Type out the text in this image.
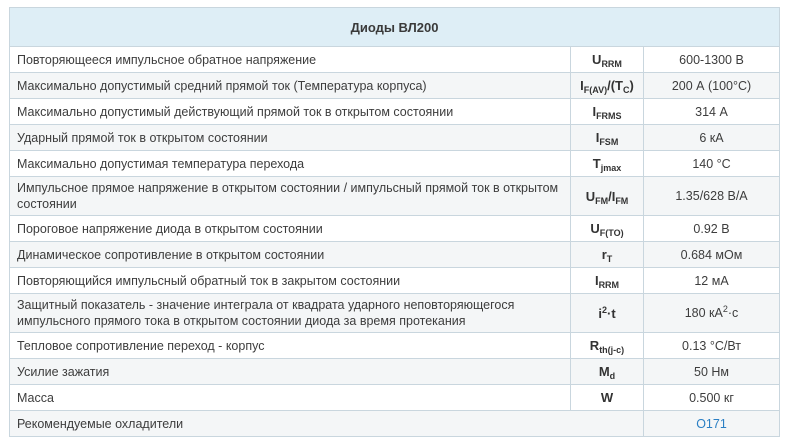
Диоды ВЛ200		
Повторяющееся импульсное обратное напряжение	$U_{RRM}$	600-1300 В
Максимально допустимый средний прямой ток (Температура корпуса)	$I_{F(AV)}/(T_C)$	200 А (100°С)
Максимально допустимый действующий прямой ток в открытом состоянии	$I_{FRMS}$	314 А
Ударный прямой ток в открытом состоянии	$I_{FSM}$	6 кА
Максимально допустимая температура перехода	$T_{jmax}$	140 °С
Импульсное прямое напряжение в открытом состоянии / импульсный прямой ток в открытом состоянии	$U_{FM}/I_{FM}$	1.35/628 В/А
Пороговое напряжение диода в открытом состоянии	$U_{F(TO)}$	0.92 В
Динамическое сопротивление в открытом состоянии	$r_T$	0.684 мОм
Повторяющийся импульсный обратный ток в закрытом состоянии	$I_{RRM}$	12 мА
Защитный показатель - значение интеграла от квадрата ударного неповторяющегося импульсного прямого тока в открытом состоянии диода за время протекания	$i^2\cdot t$	180 $кА^2\cdot с$
Тепловое сопротивление переход - корпус	$R_{th(j-c)}$	0.13 °С/Вт
Усилие зажатия	$M_d$	50 Нм
Масса	W	0.500 кг
Рекомендуемые охладители		О171
